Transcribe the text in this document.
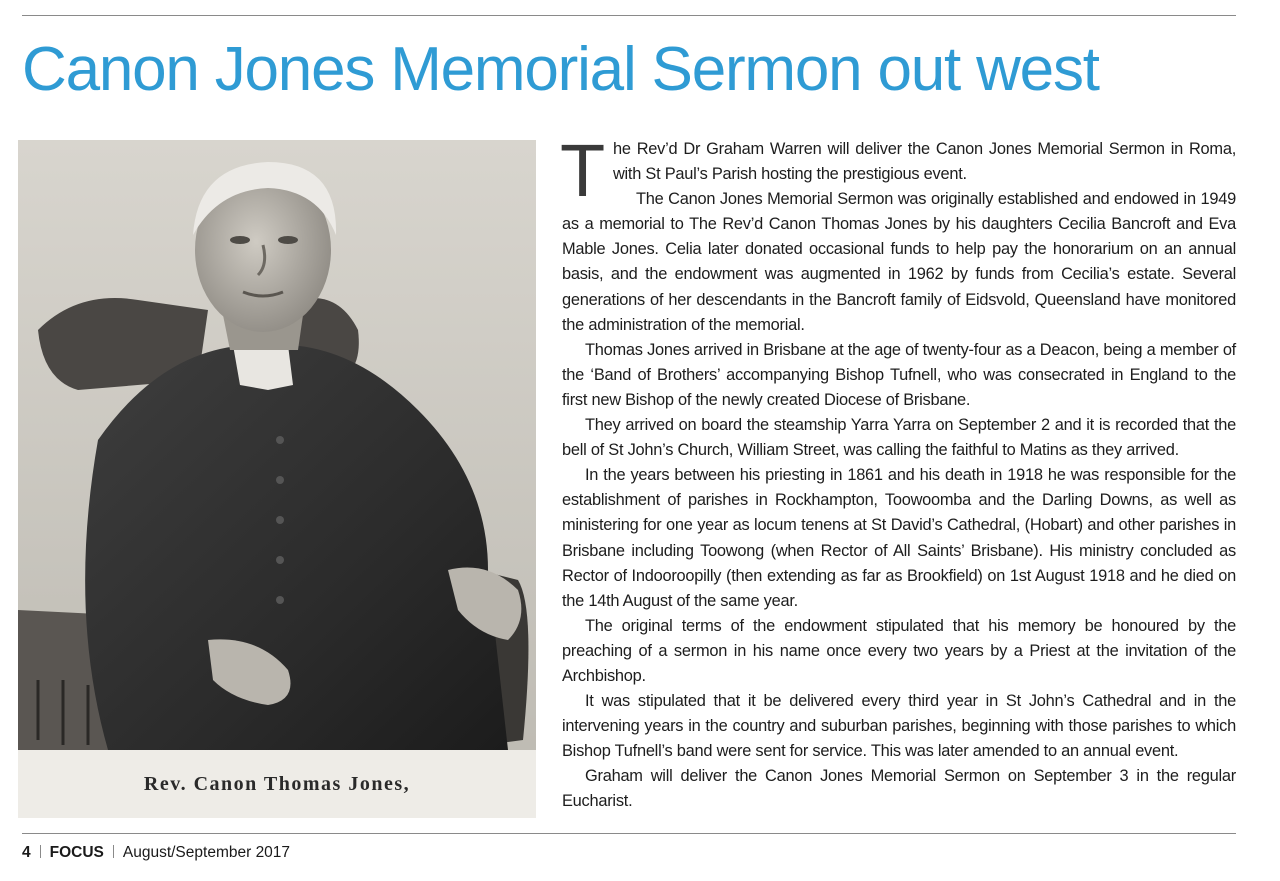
Canon Jones Memorial Sermon out west
Rev. Canon Thomas Jones,

The Rev’d Dr Graham Warren will deliver the Canon Jones Memorial Sermon in Roma, with St Paul’s Parish hosting the prestigious event.

The Canon Jones Memorial Sermon was originally established and endowed in 1949 as a memorial to The Rev’d Canon Thomas Jones by his daughters Cecilia Bancroft and Eva Mable Jones. Celia later donated occasional funds to help pay the honorarium on an annual basis, and the endowment was augmented in 1962 by funds from Cecilia’s estate. Several generations of her descendants in the Bancroft family of Eidsvold, Queensland have monitored the administration of the memorial.

Thomas Jones arrived in Brisbane at the age of twenty-four as a Deacon, being a member of the ‘Band of Brothers’ accompanying Bishop Tufnell, who was consecrated in England to the first new Bishop of the newly created Diocese of Brisbane.

They arrived on board the steamship Yarra Yarra on September 2 and it is recorded that the bell of St John’s Church, William Street, was calling the faithful to Matins as they arrived.

In the years between his priesting in 1861 and his death in 1918 he was responsible for the establishment of parishes in Rockhampton, Toowoomba and the Darling Downs, as well as ministering for one year as locum tenens at St David’s Cathedral, (Hobart) and other parishes in Brisbane including Toowong (when Rector of All Saints’ Brisbane). His ministry concluded as Rector of Indooroopilly (then extending as far as Brookfield) on 1st August 1918 and he died on the 14th August of the same year.

The original terms of the endowment stipulated that his memory be honoured by the preaching of a sermon in his name once every two years by a Priest at the invitation of the Archbishop.

It was stipulated that it be delivered every third year in St John’s Cathedral and in the intervening years in the country and suburban parishes, beginning with those parishes to which Bishop Tufnell’s band were sent for service. This was later amended to an annual event.

Graham will deliver the Canon Jones Memorial Sermon on September 3 in the regular Eucharist.

4 FOCUS August/September 2017
